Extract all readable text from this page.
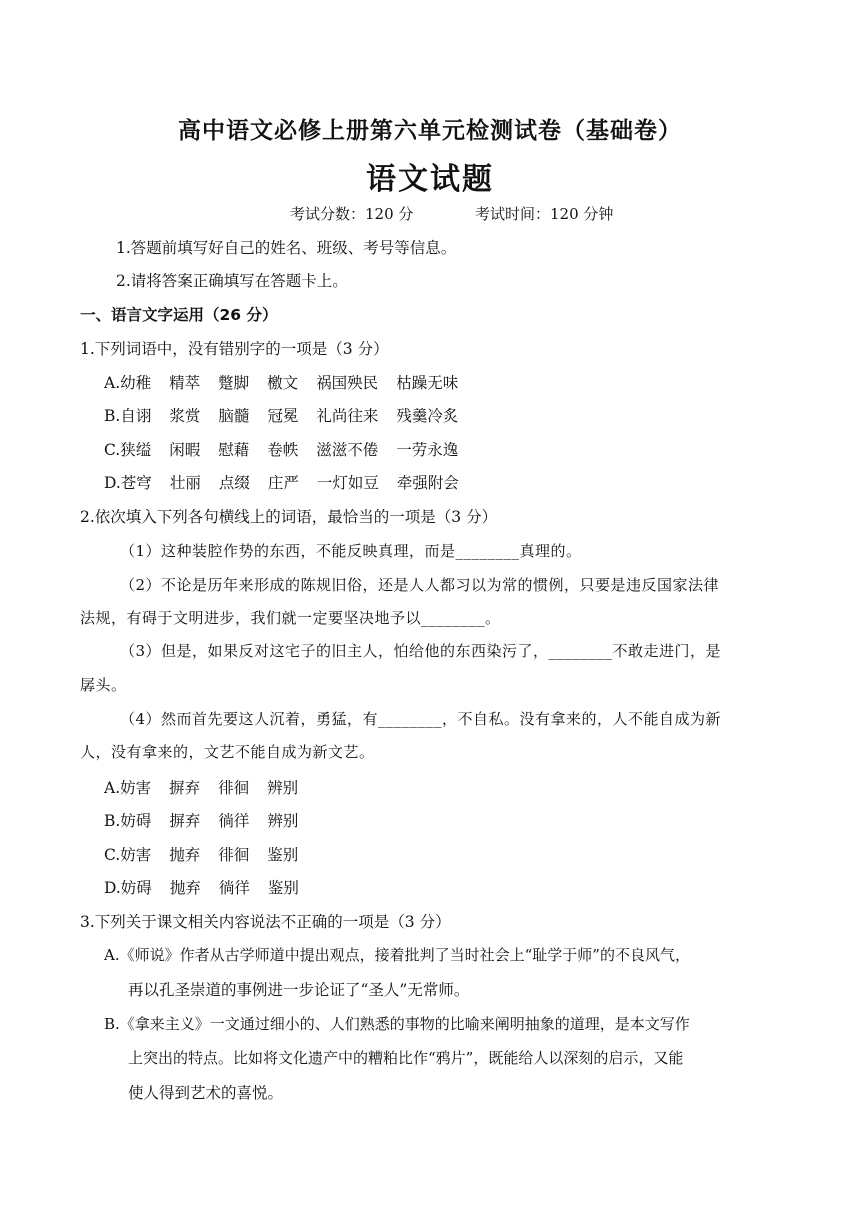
高中语文必修上册第六单元检测试卷（基础卷）
语文试题
考试分数：120 分	考试时间：120 分钟
1.答题前填写好自己的姓名、班级、考号等信息。
2.请将答案正确填写在答题卡上。
一、语言文字运用（26 分）
1.下列词语中，没有错别字的一项是（3 分）
A.幼稚 精萃 蹩脚 檄文 祸国殃民 枯躁无味
B.自诩 浆赏 脑髓 冠冕 礼尚往来 残羹冷炙
C.狭缢 闲暇 慰藉 卷帙 滋滋不倦 一劳永逸
D.苍穹 壮丽 点缀 庄严 一灯如豆 牵强附会
2.依次填入下列各句横线上的词语，最恰当的一项是（3 分）
（1）这种装腔作势的东西，不能反映真理，而是________真理的。
（2）不论是历年来形成的陈规旧俗，还是人人都习以为常的惯例，只要是违反国家法律
法规，有碍于文明进步，我们就一定要坚决地予以________。
（3）但是，如果反对这宅子的旧主人，怕给他的东西染污了，________不敢走进门，是
孱头。
（4）然而首先要这人沉着，勇猛，有________，不自私。没有拿来的，人不能自成为新
人，没有拿来的，文艺不能自成为新文艺。
A.妨害 摒弃 徘徊 辨别
B.妨碍 摒弃 徜徉 辨别
C.妨害 抛弃 徘徊 鉴别
D.妨碍 抛弃 徜徉 鉴别
3.下列关于课文相关内容说法不正确的一项是（3 分）
A.《师说》作者从古学师道中提出观点，接着批判了当时社会上“耻学于师”的不良风气，
再以孔圣崇道的事例进一步论证了“圣人”无常师。
B.《拿来主义》一文通过细小的、人们熟悉的事物的比喻来阐明抽象的道理，是本文写作
上突出的特点。比如将文化遗产中的糟粕比作“鸦片”，既能给人以深刻的启示，又能
使人得到艺术的喜悦。
